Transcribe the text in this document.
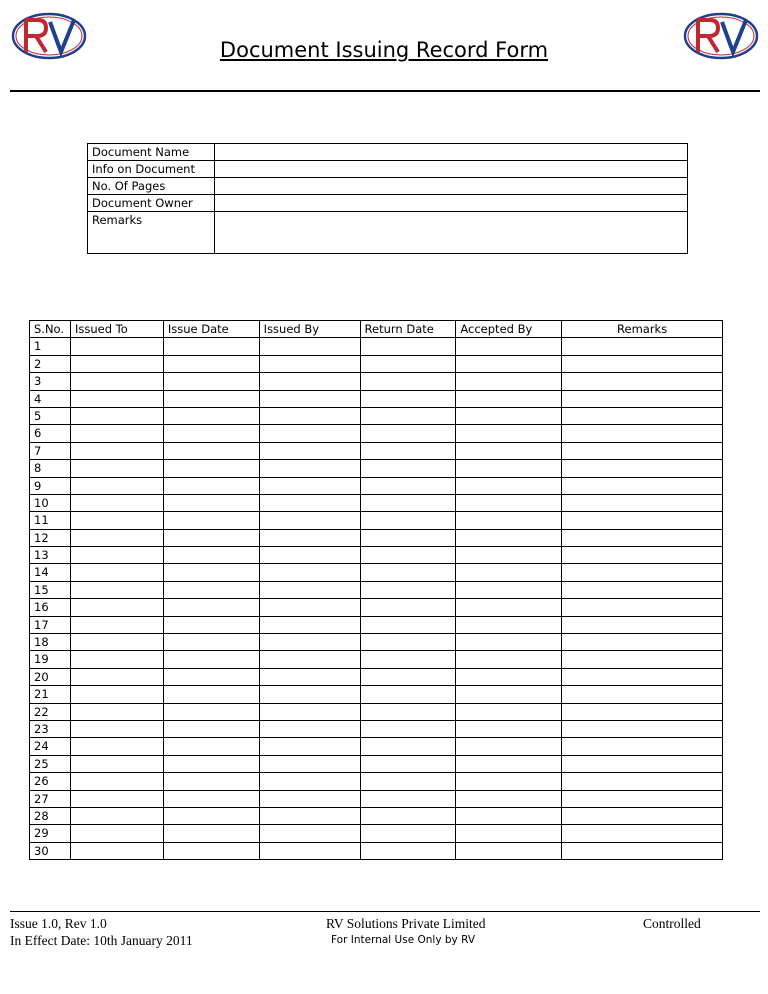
Document Issuing Record Form
Document Name	
Info on Document	
No. Of Pages	
Document Owner	
Remarks	
S.No.	Issued To	Issue Date	Issued By	Return Date	Accepted By	Remarks
1						
2						
3						
4						
5						
6						
7						
8						
9						
10						
11						
12						
13						
14						
15						
16						
17						
18						
19						
20						
21						
22						
23						
24						
25						
26						
27						
28						
29						
30						
Issue 1.0, Rev 1.0
In Effect Date: 10th January 2011
RV Solutions Private Limited
For Internal Use Only by RV
Controlled
